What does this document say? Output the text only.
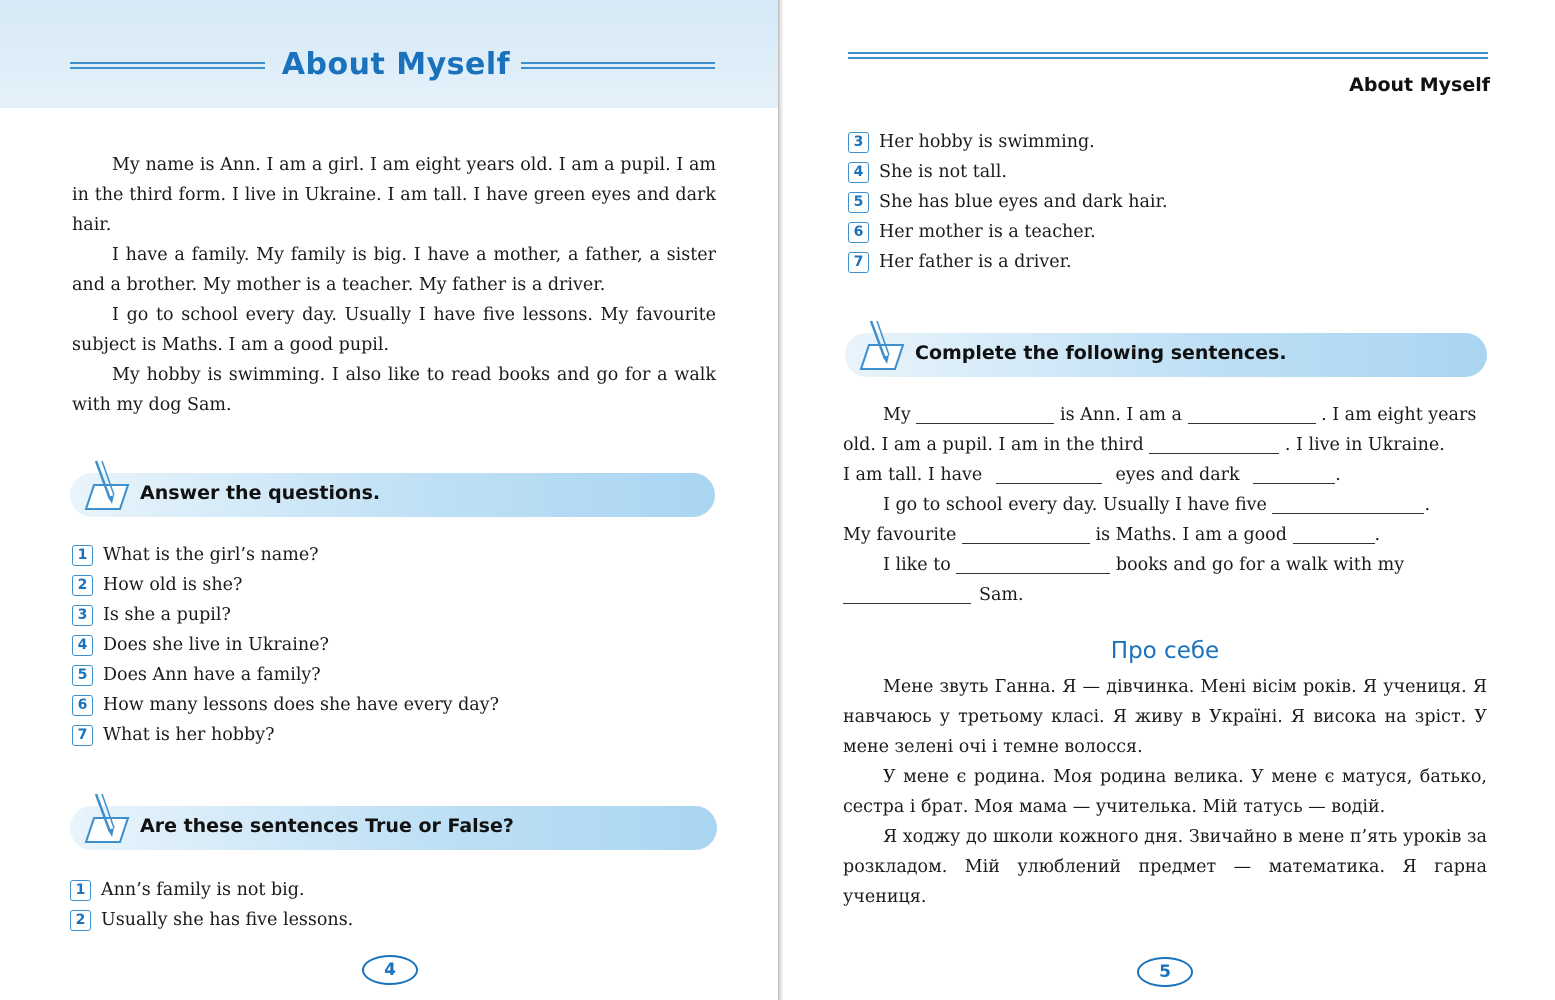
About Myself

My name is Ann. I am a girl. I am eight years old. I am a pupil. I am in the third form. I live in Ukraine. I am tall. I have green eyes and dark hair.

I have a family. My family is big. I have a mother, a father, a sister and a brother. My mother is a teacher. My father is a driver.

I go to school every day. Usually I have five lessons. My favourite subject is Maths. I am a good pupil.

My hobby is swimming. I also like to read books and go for a walk with my dog Sam.

Answer the questions.
1 What is the girl’s name?
2 How old is she?
3 Is she a pupil?
4 Does she live in Ukraine?
5 Does Ann have a family?
6 How many lessons does she have every day?
7 What is her hobby?
Are these sentences True or False?
1 Ann’s family is not big.
2 Usually she has five lessons.
4
About Myself
3 Her hobby is swimming.
4 She is not tall.
5 She has blue eyes and dark hair.
6 Her mother is a teacher.
7 Her father is a driver.
Complete the following sentences.
My	is Ann. I am a	. I am eight years
old. I am a pupil. I am in the third	. I live in Ukraine.
I am tall. I have	eyes and dark	.
I go to school every day. Usually I have five	.
My favourite	is Maths. I am a good	.
I like to	books and go for a walk with my
Sam.
Про себе

Мене звуть Ганна. Я — дівчинка. Мені вісім років. Я учениця. Я навчаюсь у третьому класі. Я живу в Україні. Я висока на зріст. У мене зелені очі і темне волосся.

У мене є родина. Моя родина велика. У мене є матуся, батько, сестра і брат. Моя мама — учителька. Мій татусь — водій.

Я ходжу до школи кожного дня. Звичайно в мене п’ять уроків за розкладом. Мій улюблений предмет — математика. Я гарна учениця.

5
